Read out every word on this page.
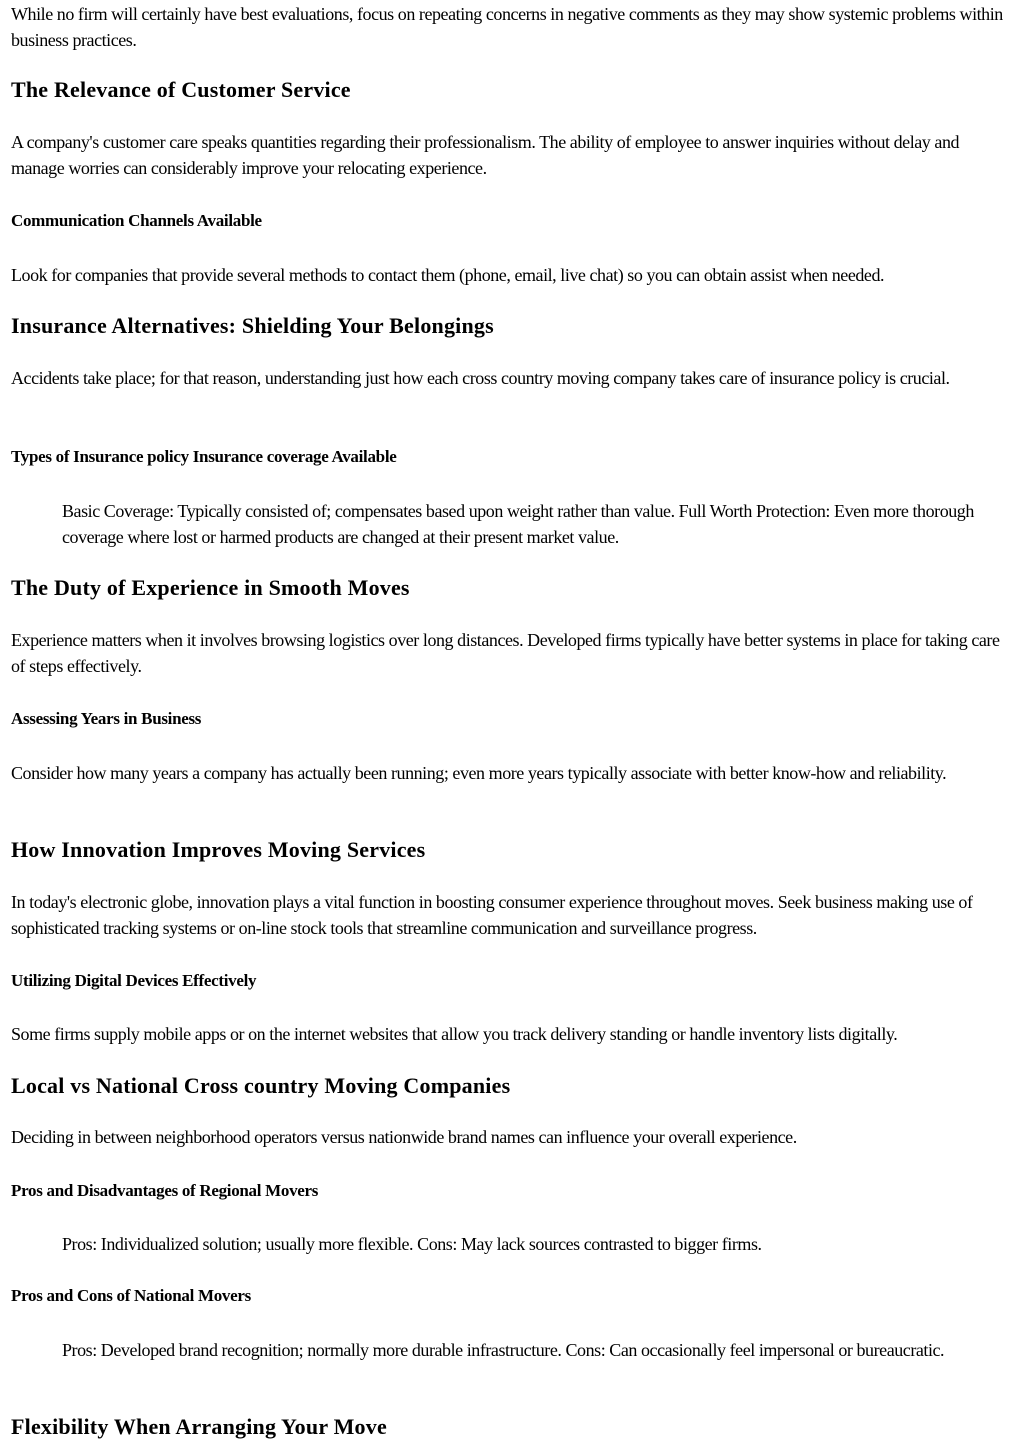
While no firm will certainly have best evaluations, focus on repeating concerns in negative comments as they may show systemic problems within business practices.

The Relevance of Customer Service

A company's customer care speaks quantities regarding their professionalism. The ability of employee to answer inquiries without delay and manage worries can considerably improve your relocating experience.

Communication Channels Available

Look for companies that provide several methods to contact them (phone, email, live chat) so you can obtain assist when needed.

Insurance Alternatives: Shielding Your Belongings

Accidents take place; for that reason, understanding just how each cross country moving company takes care of insurance policy is crucial.

Types of Insurance policy Insurance coverage Available
Basic Coverage: Typically consisted of; compensates based upon weight rather than value. Full Worth Protection: Even more thorough coverage where lost or harmed products are changed at their present market value.
The Duty of Experience in Smooth Moves

Experience matters when it involves browsing logistics over long distances. Developed firms typically have better systems in place for taking care of steps effectively.

Assessing Years in Business

Consider how many years a company has actually been running; even more years typically associate with better know-how and reliability.

How Innovation Improves Moving Services

In today's electronic globe, innovation plays a vital function in boosting consumer experience throughout moves. Seek business making use of sophisticated tracking systems or on-line stock tools that streamline communication and surveillance progress.

Utilizing Digital Devices Effectively

Some firms supply mobile apps or on the internet websites that allow you track delivery standing or handle inventory lists digitally.

Local vs National Cross country Moving Companies

Deciding in between neighborhood operators versus nationwide brand names can influence your overall experience.

Pros and Disadvantages of Regional Movers
Pros: Individualized solution; usually more flexible. Cons: May lack sources contrasted to bigger firms.
Pros and Cons of National Movers
Pros: Developed brand recognition; normally more durable infrastructure. Cons: Can occasionally feel impersonal or bureaucratic.
Flexibility When Arranging Your Move
